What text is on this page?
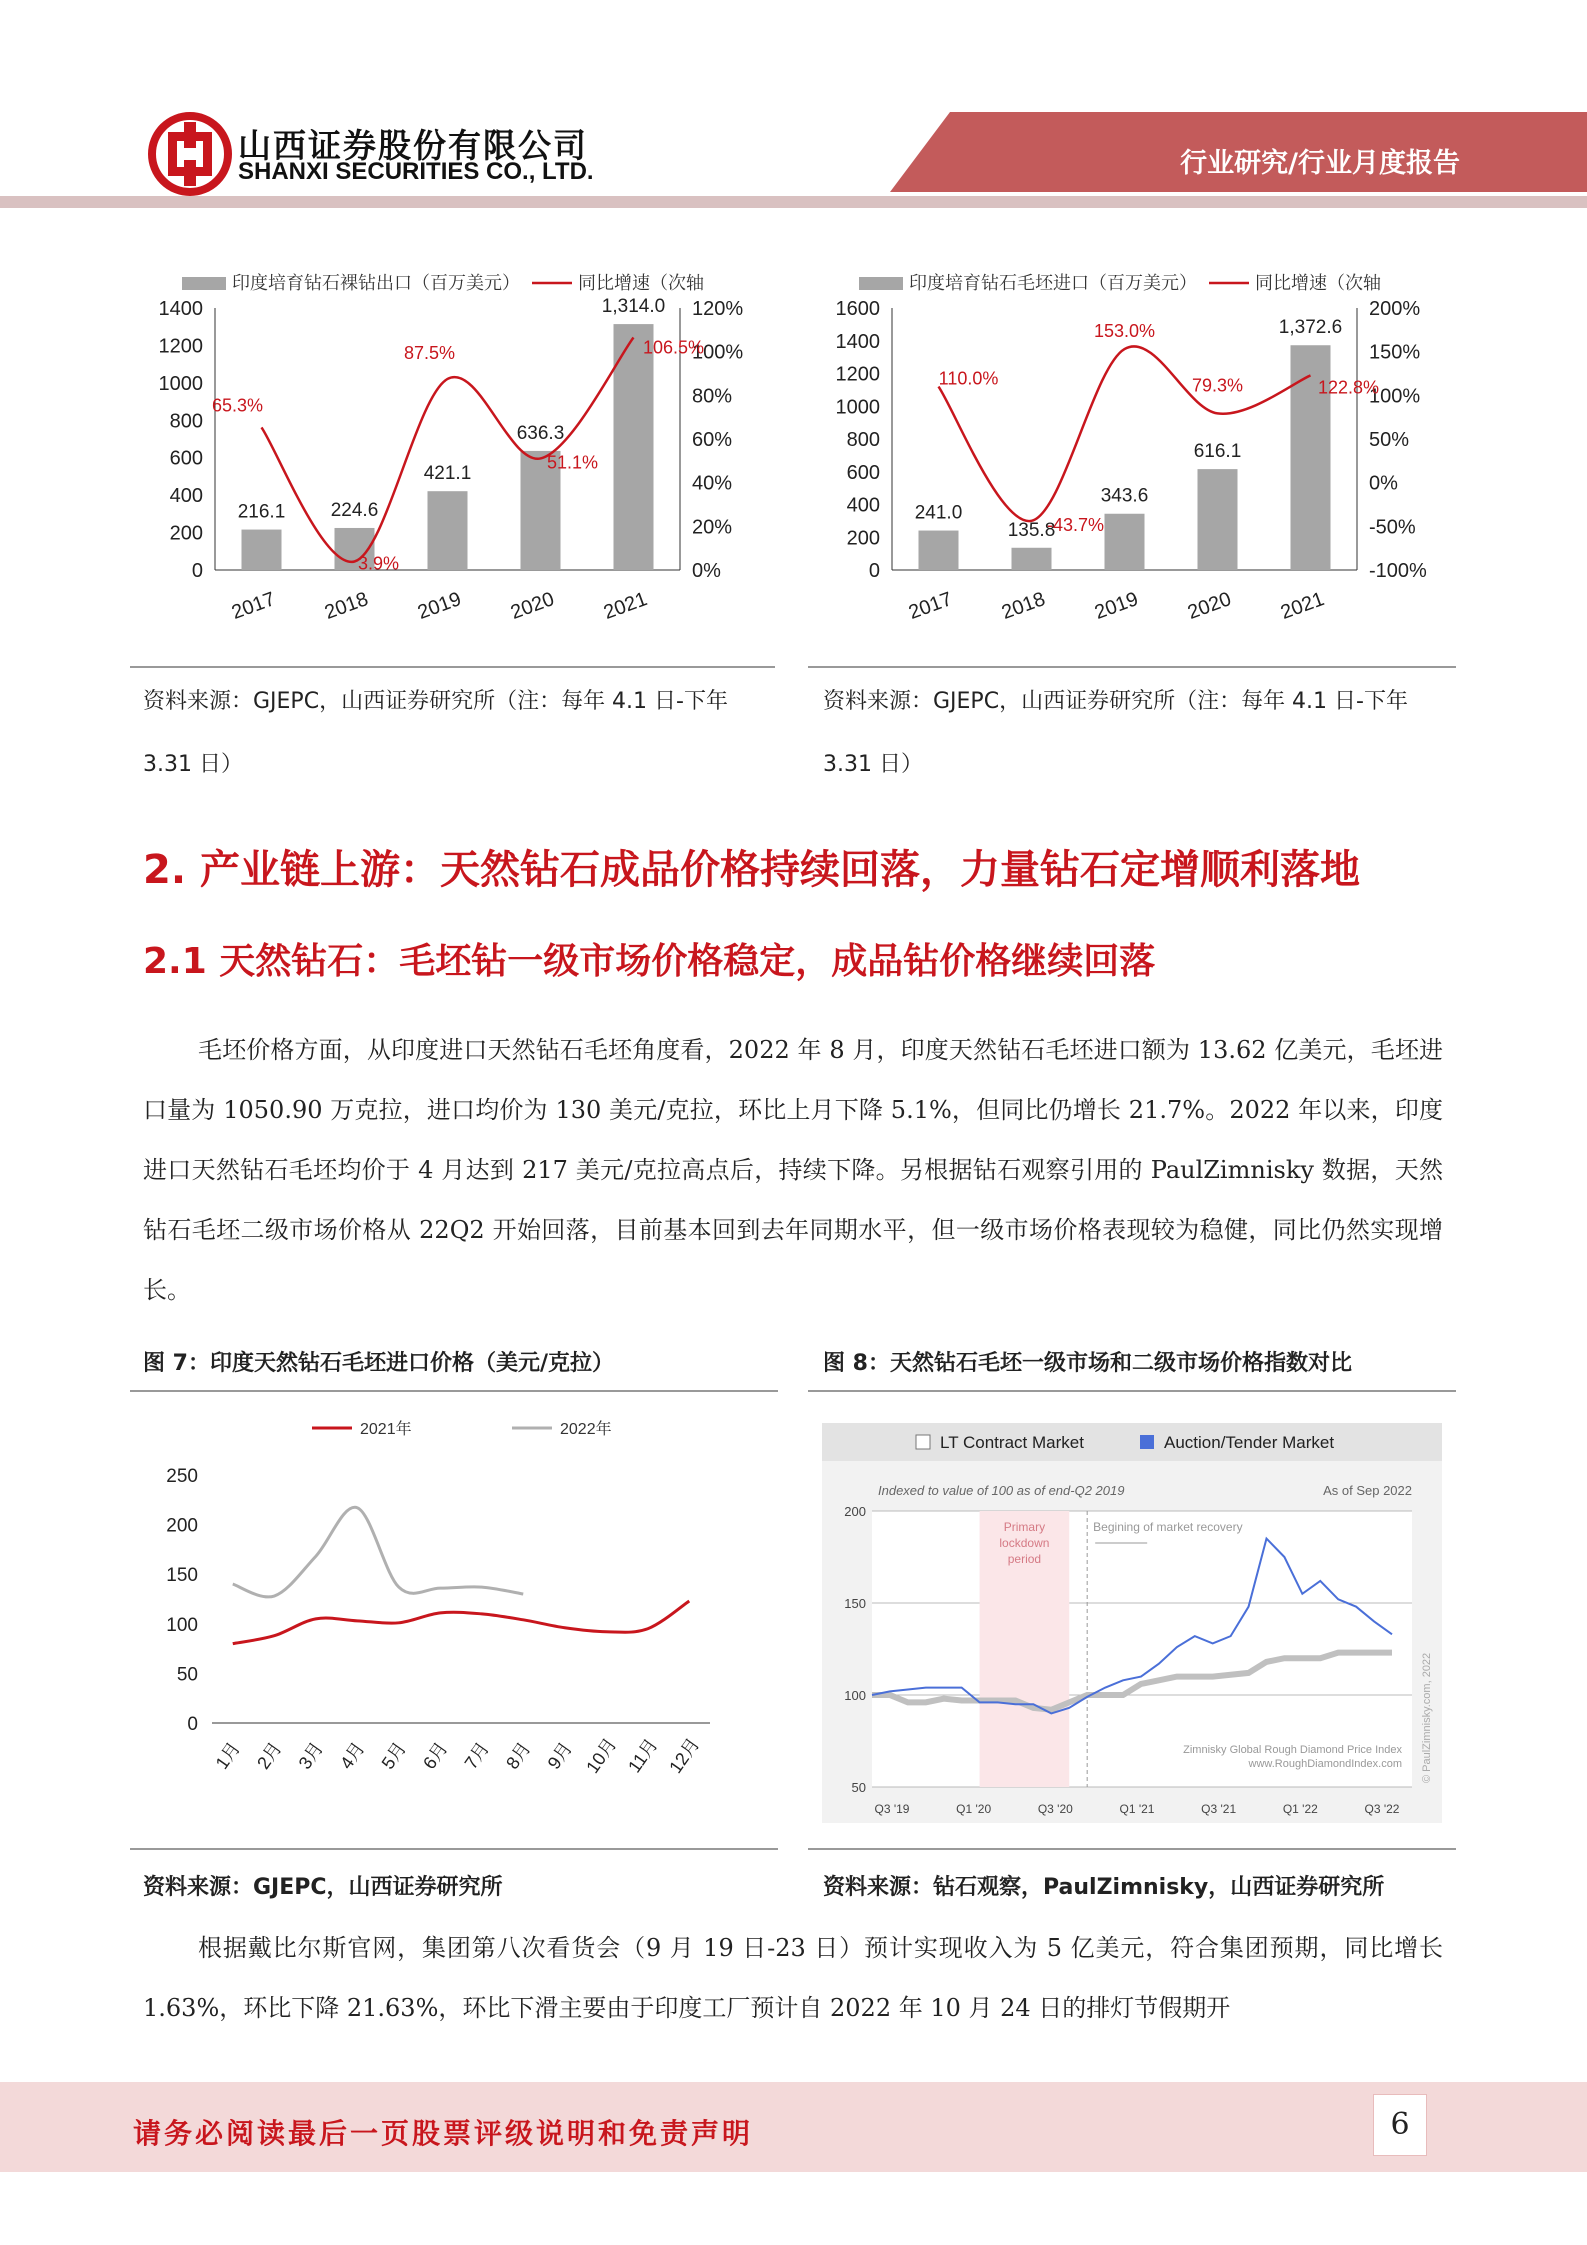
山西证券股份有限公司
SHANXI SECURITIES CO., LTD.	行业研究/行业月度报告
印度培育钻石裸钻出口（百万美元）	同比增速（次轴
0
200
400
600
800
1000
1200
1400
0%
20%
40%
60%
80%
100%
120%
216.1
2017
224.6
2018
421.1
2019
636.3
2020
1,314.0
2021
65.3%
3.9%
87.5%
51.1%
106.5%
资料来源：GJEPC，山西证券研究所（注：每年 4.1 日-下年 3.31 日）
印度培育钻石毛坯进口（百万美元）	同比增速（次轴
0
200
400
600
800
1000
1200
1400
1600
-100%
-50%
0%
50%
100%
150%
200%
241.0
2017
135.8
2018
343.6
2019
616.1
2020
1,372.6
2021
110.0%
-43.7%
153.0%
79.3%	122.8%
资料来源：GJEPC，山西证券研究所（注：每年 4.1 日-下年 3.31 日）
2. 产业链上游：天然钻石成品价格持续回落，力量钻石定增顺利落地
2.1 天然钻石：毛坯钻一级市场价格稳定，成品钻价格继续回落

毛坯价格方面，从印度进口天然钻石毛坯角度看，2022 年 8 月，印度天然钻石毛坯进口额为 13.62 亿美元，毛坯进口量为 1050.90 万克拉，进口均价为 130 美元/克拉，环比上月下降 5.1%，但同比仍增长 21.7%。2022 年以来，印度进口天然钻石毛坯均价于 4 月达到 217 美元/克拉高点后，持续下降。另根据钻石观察引用的 PaulZimnisky 数据，天然钻石毛坯二级市场价格从 22Q2 开始回落，目前基本回到去年同期水平，但一级市场价格表现较为稳健，同比仍然实现增长。

图 7：印度天然钻石毛坯进口价格（美元/克拉）
2021年	2022年
0
50
100
150
200
250
1月 2月 3月 4月 5月 6月 7月 8月 9月 10月 11月 12月
资料来源：GJEPC，山西证券研究所
图 8：天然钻石毛坯一级市场和二级市场价格指数对比
LT Contract Market	Auction/Tender Market
Indexed to value of 100 as of end-Q2 2019	As of Sep 2022
50
100
150
200
Primary
lockdown
period
Begining of market recovery
Zimnisky Global Rough Diamond Price Index
www.RoughDiamondIndex.com © PaulZimnisky.com, 2022
Q3 '19	Q1 '20	Q3 '20	Q1 '21	Q3 '21	Q1 '22	Q3 '22
资料来源：钻石观察，PaulZimnisky，山西证券研究所

根据戴比尔斯官网，集团第八次看货会（9 月 19 日-23 日）预计实现收入为 5 亿美元，符合集团预期，同比增长 1.63%，环比下降 21.63%，环比下滑主要由于印度工厂预计自 2022 年 10 月 24 日的排灯节假期开

请务必阅读最后一页股票评级说明和免责声明	6
